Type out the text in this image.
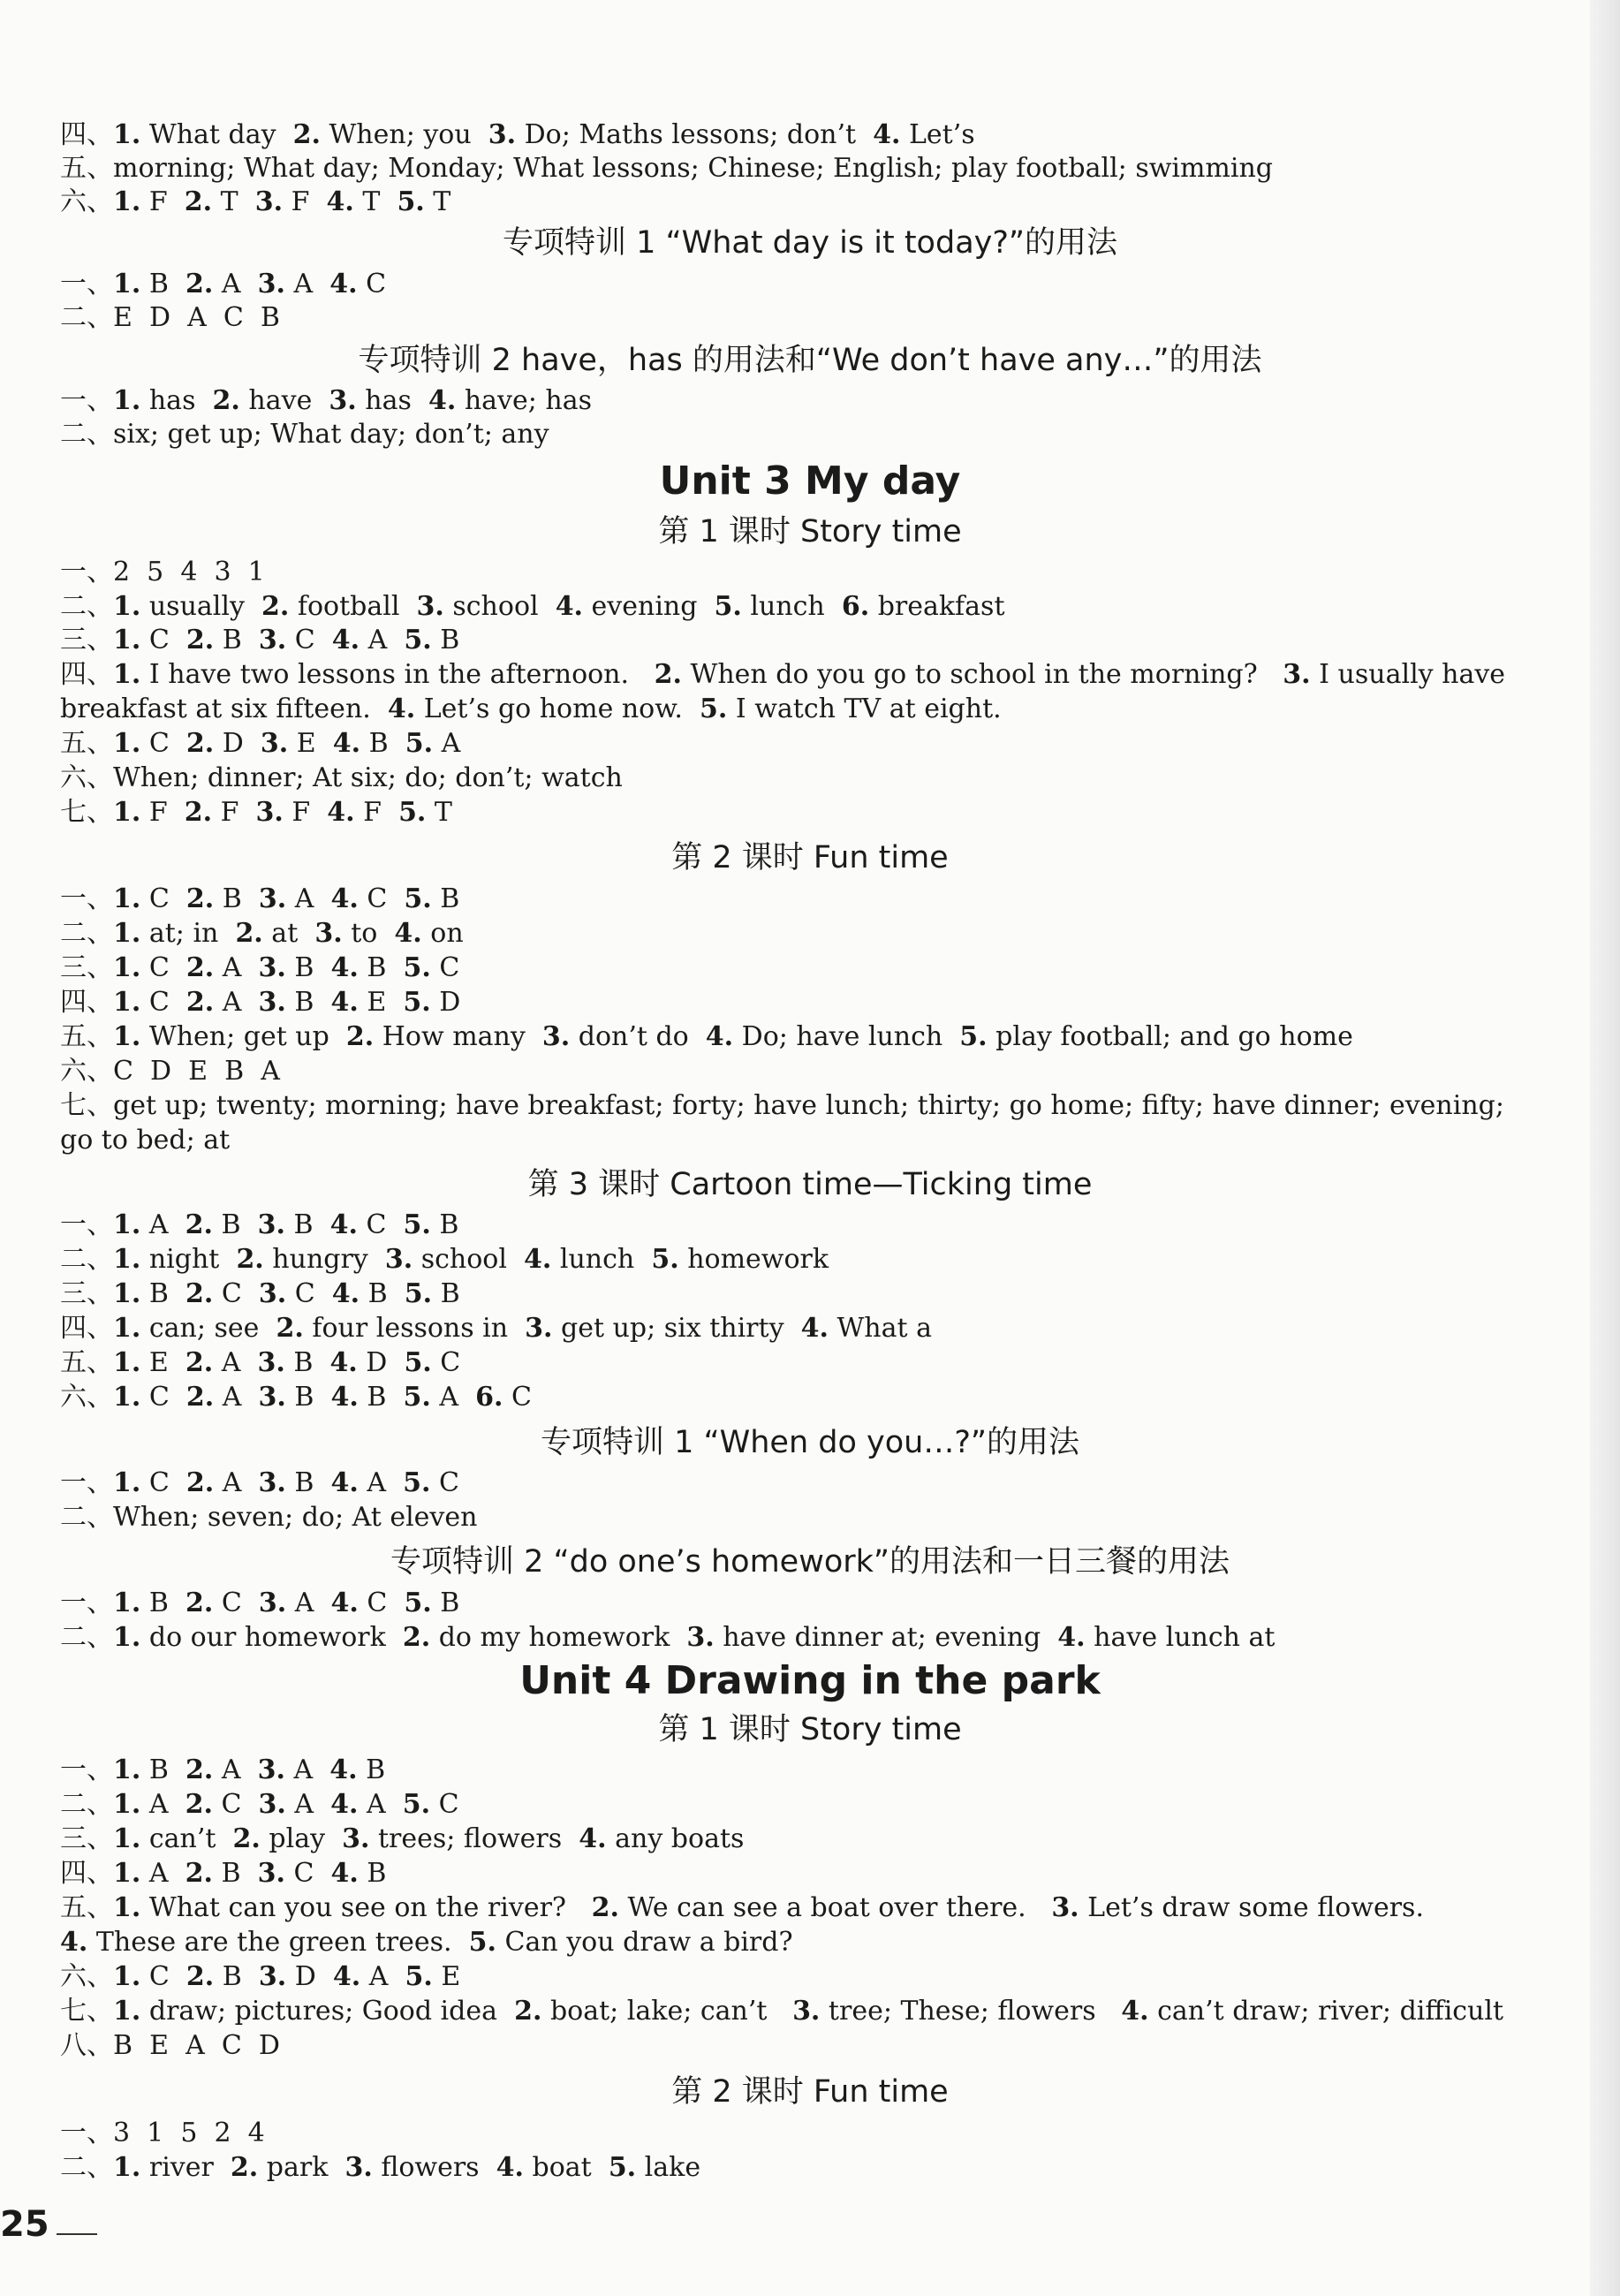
四、1. What day  2. When; you  3. Do; Maths lessons; don’t  4. Let’s
五、morning; What day; Monday; What lessons; Chinese; English; play football; swimming
六、1. F  2. T  3. F  4. T  5. T
专项特训 1 “What day is it today?”的用法
一、1. B  2. A  3. A  4. C
二、E  D  A  C  B
专项特训 2 have，has 的用法和“We don’t have any…”的用法
一、1. has  2. have  3. has  4. have; has
二、six; get up; What day; don’t; any
Unit 3 My day
第 1 课时 Story time
一、2  5  4  3  1
二、1. usually  2. football  3. school  4. evening  5. lunch  6. breakfast
三、1. C  2. B  3. C  4. A  5. B
四、1. I have two lessons in the afternoon.   2. When do you go to school in the morning?   3. I usually have
breakfast at six fifteen.  4. Let’s go home now.  5. I watch TV at eight.
五、1. C  2. D  3. E  4. B  5. A
六、When; dinner; At six; do; don’t; watch
七、1. F  2. F  3. F  4. F  5. T
第 2 课时 Fun time
一、1. C  2. B  3. A  4. C  5. B
二、1. at; in  2. at  3. to  4. on
三、1. C  2. A  3. B  4. B  5. C
四、1. C  2. A  3. B  4. E  5. D
五、1. When; get up  2. How many  3. don’t do  4. Do; have lunch  5. play football; and go home
六、C  D  E  B  A
七、get up; twenty; morning; have breakfast; forty; have lunch; thirty; go home; fifty; have dinner; evening;
go to bed; at
第 3 课时 Cartoon time—Ticking time
一、1. A  2. B  3. B  4. C  5. B
二、1. night  2. hungry  3. school  4. lunch  5. homework
三、1. B  2. C  3. C  4. B  5. B
四、1. can; see  2. four lessons in  3. get up; six thirty  4. What a
五、1. E  2. A  3. B  4. D  5. C
六、1. C  2. A  3. B  4. B  5. A  6. C
专项特训 1 “When do you…?”的用法
一、1. C  2. A  3. B  4. A  5. C
二、When; seven; do; At eleven
专项特训 2 “do one’s homework”的用法和一日三餐的用法
一、1. B  2. C  3. A  4. C  5. B
二、1. do our homework  2. do my homework  3. have dinner at; evening  4. have lunch at
Unit 4 Drawing in the park
第 1 课时 Story time
一、1. B  2. A  3. A  4. B
二、1. A  2. C  3. A  4. A  5. C
三、1. can’t  2. play  3. trees; flowers  4. any boats
四、1. A  2. B  3. C  4. B
五、1. What can you see on the river?   2. We can see a boat over there.   3. Let’s draw some flowers.
4. These are the green trees.  5. Can you draw a bird?
六、1. C  2. B  3. D  4. A  5. E
七、1. draw; pictures; Good idea  2. boat; lake; can’t   3. tree; These; flowers   4. can’t draw; river; difficult
八、B  E  A  C  D
第 2 课时 Fun time
一、3  1  5  2  4
二、1. river  2. park  3. flowers  4. boat  5. lake
25
